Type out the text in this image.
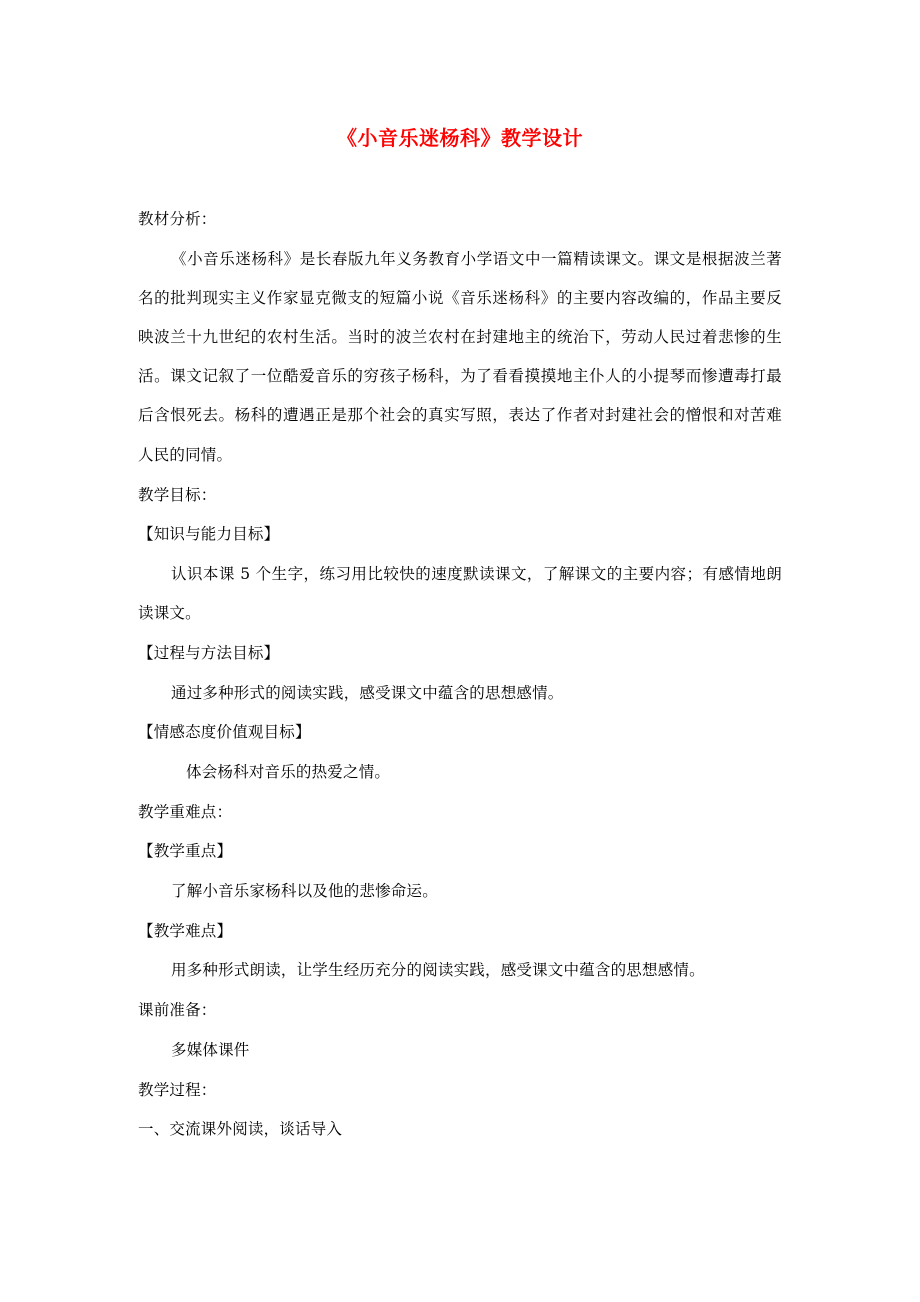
《小音乐迷杨科》教学设计
教材分析：
《小音乐迷杨科》是长春版九年义务教育小学语文中一篇精读课文。课文是根据波兰著
名的批判现实主义作家显克微支的短篇小说《音乐迷杨科》的主要内容改编的，作品主要反
映波兰十九世纪的农村生活。当时的波兰农村在封建地主的统治下，劳动人民过着悲惨的生
活。课文记叙了一位酷爱音乐的穷孩子杨科，为了看看摸摸地主仆人的小提琴而惨遭毒打最
后含恨死去。杨科的遭遇正是那个社会的真实写照，表达了作者对封建社会的憎恨和对苦难
人民的同情。
教学目标：
【知识与能力目标】
认识本课 5 个生字，练习用比较快的速度默读课文，了解课文的主要内容；有感情地朗
读课文。
【过程与方法目标】
通过多种形式的阅读实践，感受课文中蕴含的思想感情。
【情感态度价值观目标】
体会杨科对音乐的热爱之情。
教学重难点：
【教学重点】
了解小音乐家杨科以及他的悲惨命运。
【教学难点】
用多种形式朗读，让学生经历充分的阅读实践，感受课文中蕴含的思想感情。
课前准备：
多媒体课件
教学过程：
一、交流课外阅读，谈话导入
